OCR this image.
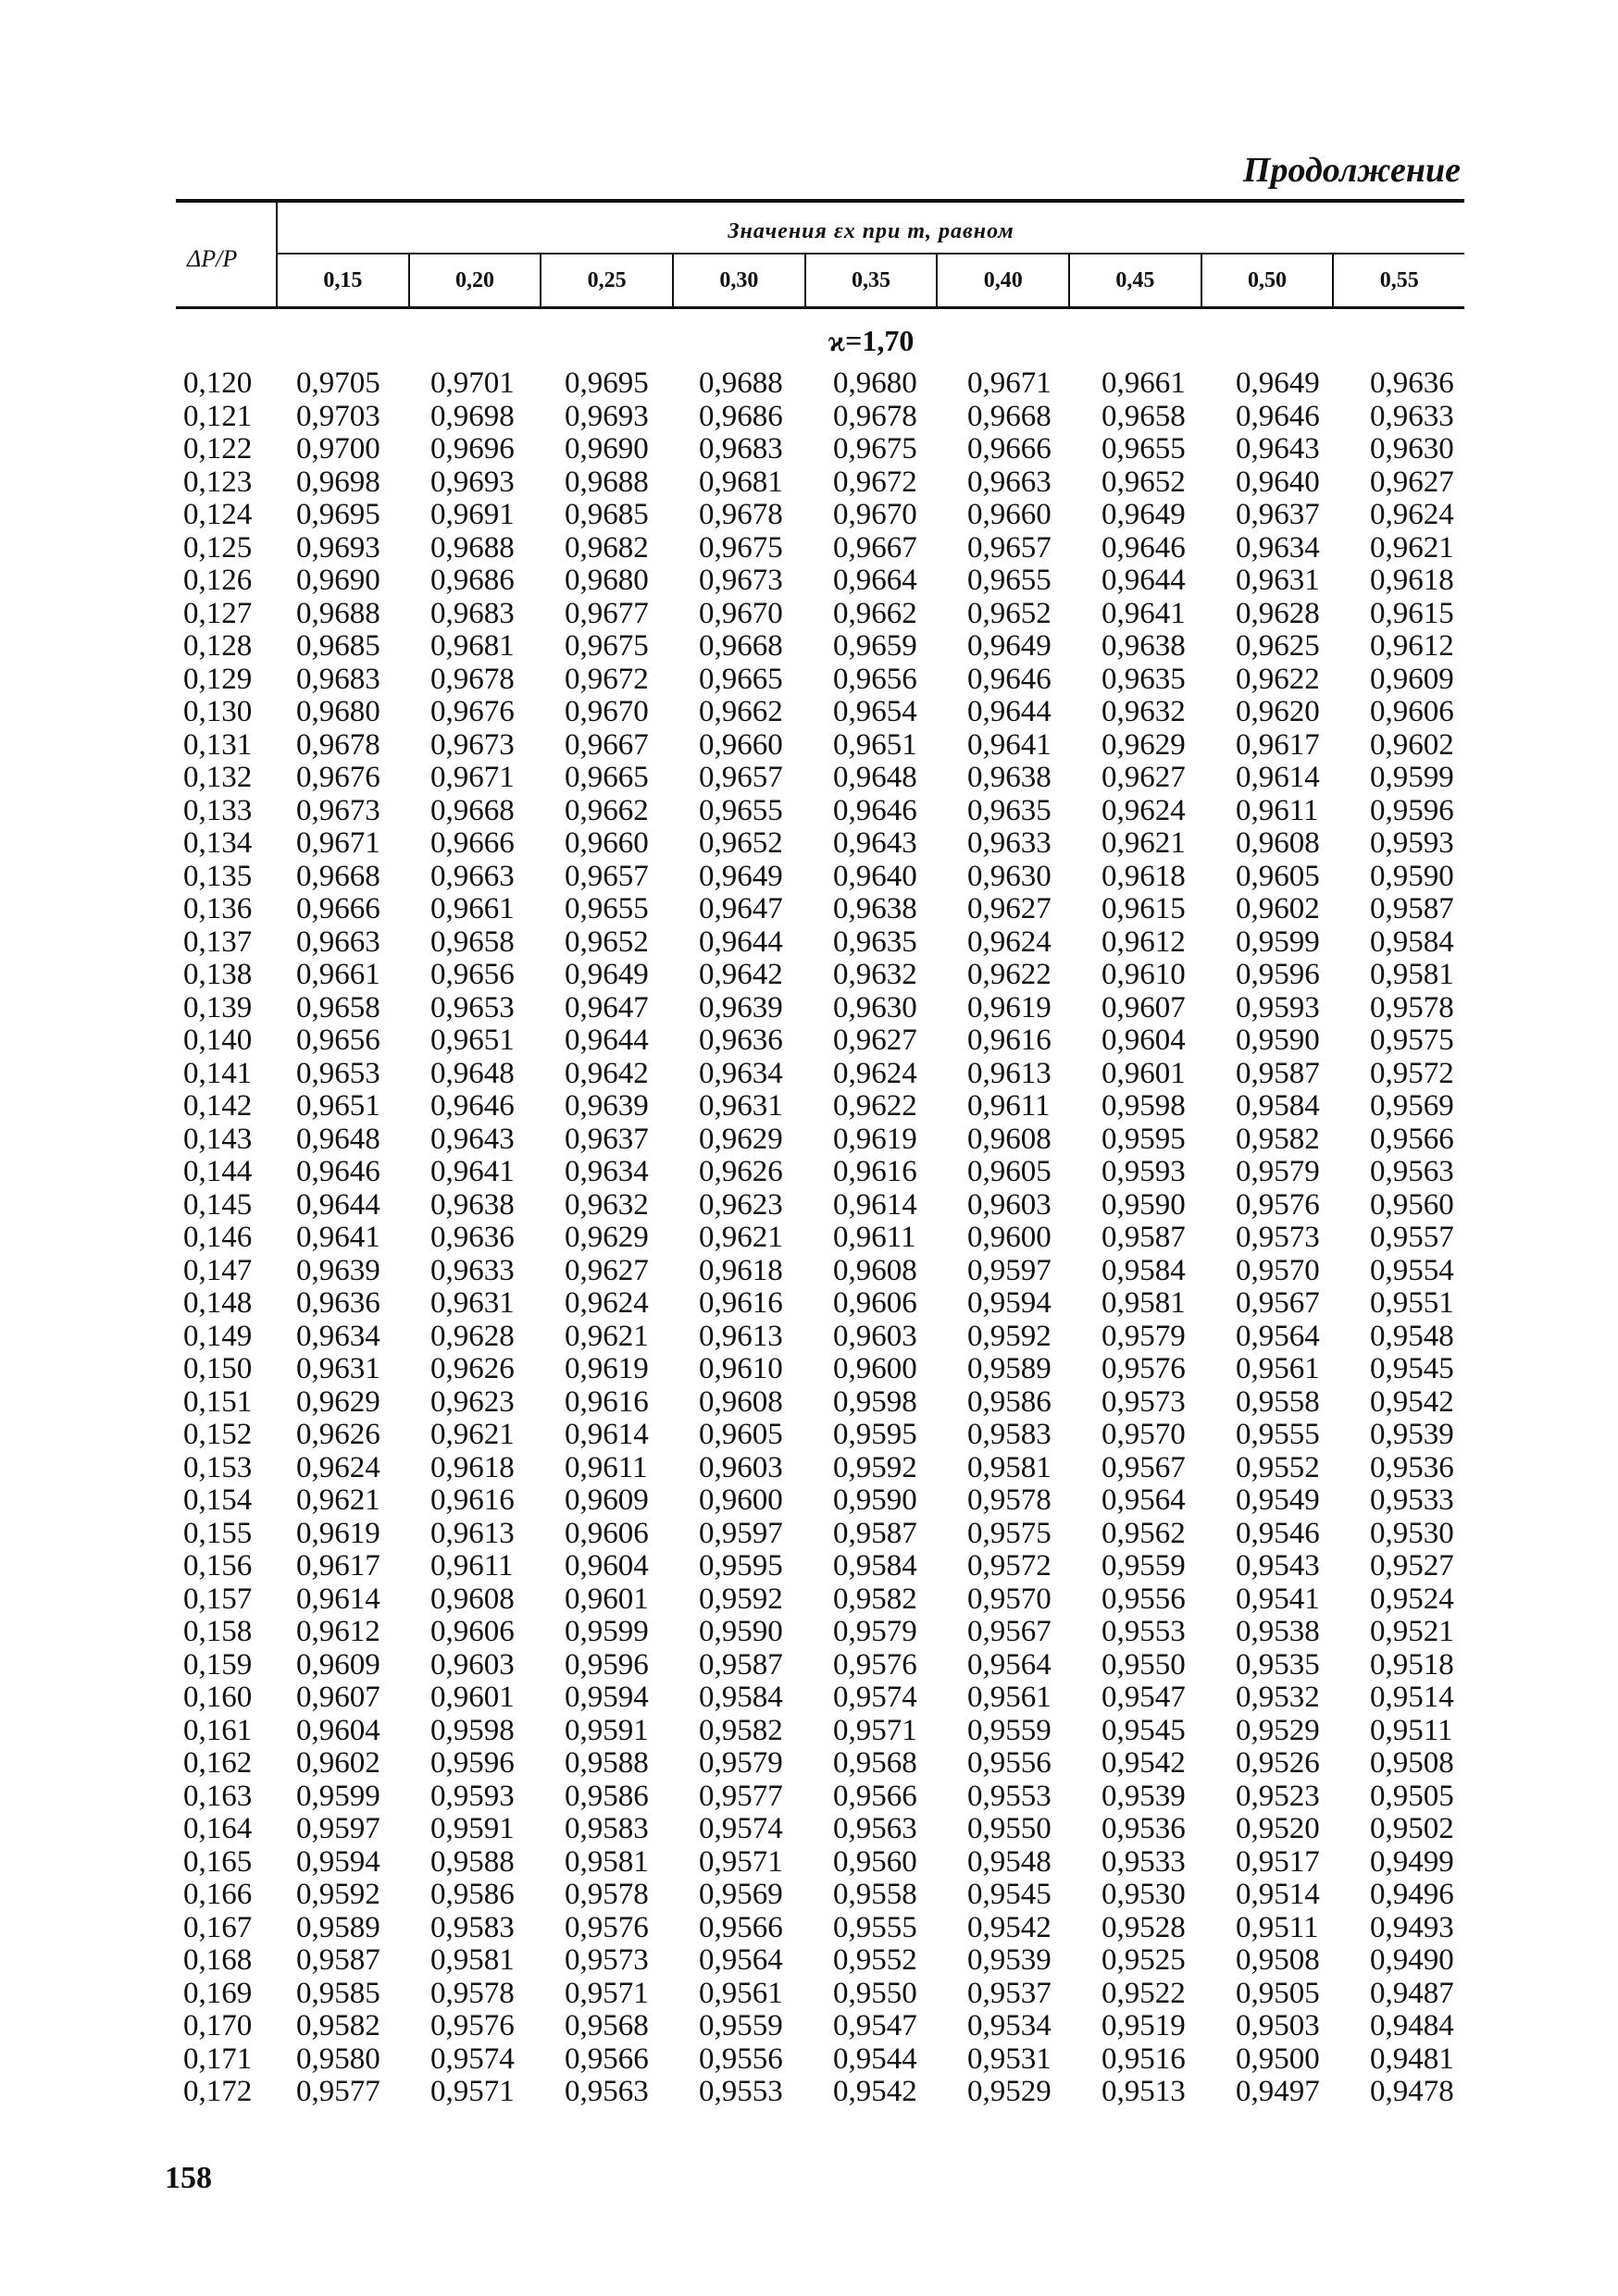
Продолжение
ΔP/P
Значения εх при m, равном
0,15	0,20	0,25	0,30	0,35	0,40	0,45	0,50	0,55
ϰ=1,70
0,120	0,9705	0,9701	0,9695	0,9688	0,9680	0,9671	0,9661	0,9649	0,9636
0,121	0,9703	0,9698	0,9693	0,9686	0,9678	0,9668	0,9658	0,9646	0,9633
0,122	0,9700	0,9696	0,9690	0,9683	0,9675	0,9666	0,9655	0,9643	0,9630
0,123	0,9698	0,9693	0,9688	0,9681	0,9672	0,9663	0,9652	0,9640	0,9627
0,124	0,9695	0,9691	0,9685	0,9678	0,9670	0,9660	0,9649	0,9637	0,9624
0,125	0,9693	0,9688	0,9682	0,9675	0,9667	0,9657	0,9646	0,9634	0,9621
0,126	0,9690	0,9686	0,9680	0,9673	0,9664	0,9655	0,9644	0,9631	0,9618
0,127	0,9688	0,9683	0,9677	0,9670	0,9662	0,9652	0,9641	0,9628	0,9615
0,128	0,9685	0,9681	0,9675	0,9668	0,9659	0,9649	0,9638	0,9625	0,9612
0,129	0,9683	0,9678	0,9672	0,9665	0,9656	0,9646	0,9635	0,9622	0,9609
0,130	0,9680	0,9676	0,9670	0,9662	0,9654	0,9644	0,9632	0,9620	0,9606
0,131	0,9678	0,9673	0,9667	0,9660	0,9651	0,9641	0,9629	0,9617	0,9602
0,132	0,9676	0,9671	0,9665	0,9657	0,9648	0,9638	0,9627	0,9614	0,9599
0,133	0,9673	0,9668	0,9662	0,9655	0,9646	0,9635	0,9624	0,9611	0,9596
0,134	0,9671	0,9666	0,9660	0,9652	0,9643	0,9633	0,9621	0,9608	0,9593
0,135	0,9668	0,9663	0,9657	0,9649	0,9640	0,9630	0,9618	0,9605	0,9590
0,136	0,9666	0,9661	0,9655	0,9647	0,9638	0,9627	0,9615	0,9602	0,9587
0,137	0,9663	0,9658	0,9652	0,9644	0,9635	0,9624	0,9612	0,9599	0,9584
0,138	0,9661	0,9656	0,9649	0,9642	0,9632	0,9622	0,9610	0,9596	0,9581
0,139	0,9658	0,9653	0,9647	0,9639	0,9630	0,9619	0,9607	0,9593	0,9578
0,140	0,9656	0,9651	0,9644	0,9636	0,9627	0,9616	0,9604	0,9590	0,9575
0,141	0,9653	0,9648	0,9642	0,9634	0,9624	0,9613	0,9601	0,9587	0,9572
0,142	0,9651	0,9646	0,9639	0,9631	0,9622	0,9611	0,9598	0,9584	0,9569
0,143	0,9648	0,9643	0,9637	0,9629	0,9619	0,9608	0,9595	0,9582	0,9566
0,144	0,9646	0,9641	0,9634	0,9626	0,9616	0,9605	0,9593	0,9579	0,9563
0,145	0,9644	0,9638	0,9632	0,9623	0,9614	0,9603	0,9590	0,9576	0,9560
0,146	0,9641	0,9636	0,9629	0,9621	0,9611	0,9600	0,9587	0,9573	0,9557
0,147	0,9639	0,9633	0,9627	0,9618	0,9608	0,9597	0,9584	0,9570	0,9554
0,148	0,9636	0,9631	0,9624	0,9616	0,9606	0,9594	0,9581	0,9567	0,9551
0,149	0,9634	0,9628	0,9621	0,9613	0,9603	0,9592	0,9579	0,9564	0,9548
0,150	0,9631	0,9626	0,9619	0,9610	0,9600	0,9589	0,9576	0,9561	0,9545
0,151	0,9629	0,9623	0,9616	0,9608	0,9598	0,9586	0,9573	0,9558	0,9542
0,152	0,9626	0,9621	0,9614	0,9605	0,9595	0,9583	0,9570	0,9555	0,9539
0,153	0,9624	0,9618	0,9611	0,9603	0,9592	0,9581	0,9567	0,9552	0,9536
0,154	0,9621	0,9616	0,9609	0,9600	0,9590	0,9578	0,9564	0,9549	0,9533
0,155	0,9619	0,9613	0,9606	0,9597	0,9587	0,9575	0,9562	0,9546	0,9530
0,156	0,9617	0,9611	0,9604	0,9595	0,9584	0,9572	0,9559	0,9543	0,9527
0,157	0,9614	0,9608	0,9601	0,9592	0,9582	0,9570	0,9556	0,9541	0,9524
0,158	0,9612	0,9606	0,9599	0,9590	0,9579	0,9567	0,9553	0,9538	0,9521
0,159	0,9609	0,9603	0,9596	0,9587	0,9576	0,9564	0,9550	0,9535	0,9518
0,160	0,9607	0,9601	0,9594	0,9584	0,9574	0,9561	0,9547	0,9532	0,9514
0,161	0,9604	0,9598	0,9591	0,9582	0,9571	0,9559	0,9545	0,9529	0,9511
0,162	0,9602	0,9596	0,9588	0,9579	0,9568	0,9556	0,9542	0,9526	0,9508
0,163	0,9599	0,9593	0,9586	0,9577	0,9566	0,9553	0,9539	0,9523	0,9505
0,164	0,9597	0,9591	0,9583	0,9574	0,9563	0,9550	0,9536	0,9520	0,9502
0,165	0,9594	0,9588	0,9581	0,9571	0,9560	0,9548	0,9533	0,9517	0,9499
0,166	0,9592	0,9586	0,9578	0,9569	0,9558	0,9545	0,9530	0,9514	0,9496
0,167	0,9589	0,9583	0,9576	0,9566	0,9555	0,9542	0,9528	0,9511	0,9493
0,168	0,9587	0,9581	0,9573	0,9564	0,9552	0,9539	0,9525	0,9508	0,9490
0,169	0,9585	0,9578	0,9571	0,9561	0,9550	0,9537	0,9522	0,9505	0,9487
0,170	0,9582	0,9576	0,9568	0,9559	0,9547	0,9534	0,9519	0,9503	0,9484
0,171	0,9580	0,9574	0,9566	0,9556	0,9544	0,9531	0,9516	0,9500	0,9481
0,172	0,9577	0,9571	0,9563	0,9553	0,9542	0,9529	0,9513	0,9497	0,9478
158
